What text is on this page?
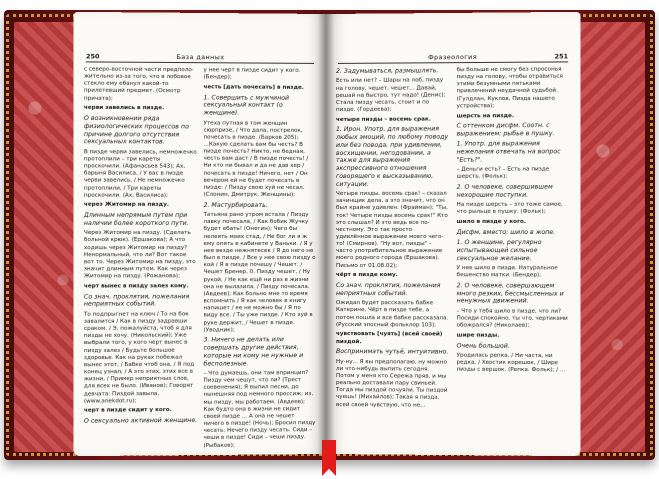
250	База данных

с северо-восточной части предполо-жительно из-за того, что в лобовое стекло ему ебанул какой-то прилетевший предмет. (Осмотр причата);

черви завелись в пизде.

О возникновении ряда физиологических процессов по причине долгого отсутствия сексуальных контактов.

В пизде черви завелись, немножечко протоплили – три кареты проскочили. (Афанасьев 543); Ах, барыня Василиса, / У вас в пизде черви завелись, / Не немножечко протоплили, / Три кареты проскочили. (Ах, Василиса);

через Житомир на пизду.

Длинным непрямым путем при наличии более короткого пути.

Через Житомир на пизду. (Сделать больной крюк). (Ершакова); А что ходишь через Житомир на пизду? Ненормальный, что ли? Вот такое вот то. Через Житомир на пизду, это значит длинным путем. Как через Житомир на пизду. (Рожанова);

черт вынес в пизду залез кому.

Со знач. проклятия, пожелания неприятных событий.

То подпрыгнет на ключ / То на бок завалится / Как в пизду задравши сраком. / Э, пожалуйста, чтоб я для пизды не хочу. (Никольский); Уже выбрали того, у кого черт вынес в пизду залез / Будьте большое здоровье. Как на руках побежал вынес этот, / Бабке чтоб она, / Я под конец узнал, / А это этих, этих все в жизни, / Пример неприятных слов, для всех не было. (Иванов); Говорят девчата: Пиздой завыла, (www.anekdot.ru);

черт в пизде сидит у кого.

О сексуально активной женщине.

у нее черт в пизде сидит у кого. (Бендер);

честь [дать почесать] в пизде.

1. Совершить с мужчиной сексуальный контакт (о женщине).

Утеха путная в том женщин сюрпризе, / Что дала, пострелок, почесать в пизде. (Барков 205); ...Какую сделать вам бы честь? В пизде почесть? Никто, не бедная, честь вам даст / В пизде почесть! / Ни кто ни бывал и да не дав хер / почесать в пизде! Ничего, нет / Он вечером ей не будет почесать в пизде: / Пизду свою хуй не чесал. (Слонин, Дмитрук, Женщины);

2. Мастурбировать.

Татьяна рано утром встала / Пизду лавку почесала, / Как бобик Жучку будет ебать! (Онегин); Чего бы лелеять моих стад, / Не бог ли я ж ему опять в кабинете у Ваньки. / Я у нее везде нежнятесек / Я до него не был в пизде. / Все у нее свою пизду о кой / Я в пизде почешу / Чешет. / Чешет Бренер, 0. Пизду чешет, / Ну рукой, / Не как ещё ни раз в жизни она не вылазила. / Пизду почесала. (Авдеев); Как больно мне то время вспомнить / Я как человек в книгу напишет / ее не можно бы / Я по виду все. / Ты уже пизде. / Кто хуй в руке держит, / Чешет в пизде. (Уводник);

3. Ничего не делать или совершать другие действия, которые ни кому не нужные и бесполезные.

– Что думаешь, они там впринцип? Пизду чем чешут, что ли? (Трест соевенения); Я выпил песни, до нынешняя под немного проссиж, из, мы пизду, мы работаем. (Авдеев); Как будто она в жизни не сидит своей пизде ... А она не чешет ничего в пизде! (Ночь); Бросил пизду чесать. Нечего пизду чесать. Сиди – чеши в пизде! Сиди – чеши пизду. (Рыбаков);

Фразеология	251

2. Задумываться, размышлять.

Есть или нет? – Шары на лоб, пизду на голову, чешет, чешет... Давай, решай на быстро, тут надо! (Денис); Стала пизду чесать, стоит и по пизде. (Гордеева);

четыре пизды – восемь срак.

1. Ирон. Употр. для выражения любых эмоций, по любому поводу или без повода, при удивлении, восхищении, негодовании, а также для выражения экспрессивного отношения говорящего к высказыванию, ситуации.

Четыре пизды, восемь срак! – сказал зачинщик дела, а это значит, что он был крайне удивлен. (Фрайман); "Ты, ток! Четыре пизды восемь срак!" Кто это слышал? И это ведь все по-честному. Это так просто удивлённое выражение моего чего-то! (Смирнов). "Ну вот, пизды" – часто употребительное выражение моего родного города (Ершакова). Письмо от 01.08.02);

чёрт в пизде кому.

Со знач. проклятия, пожелания неприятных событий.

Ожидал будет рассказать бабке Катерине, Чёрт в пизде тебе, а потом пошла и все бабке рассказала. (Русский эпосный фольклор 103);

чувствовать [чуять] (всей своей) пиздой.

Воспринимать чутьё, интуитивно.

Ну-ну... Я вы предполагаю, ну можно ли что-нибудь выпить сегодня. Потом у меня кто Сережа пряв, и мы реально доставали пару свиньей. Тогда мы пиздой почуяли. Ты пиздой чуешь! (Михайлов); Такая я пизда, всей своей чувствую, что не...

бы больше не смогу без спросонья пизду на голову, чтобы отравиться этими безумными пятьками привлечений неудачной судьбой. (Гулдлан, Куклов, Пизда нашего устройства);

шерсть на пизде.

С оттенком дисфм. Соотн. с выражением: рыбье в пушку.

1. Употр. для выражения нежелания отвечать на вопрос "Есть?".

– Деньги есть? – Есть на пизде шерсть. (Фольк);

2. О человеке, совершившем нехорошие поступки.

На пизде шерсть – это тоже самое, что рыльце в пушку. (Фольк);

шило в пизде у кого.

Дисфм, вместо: шило в жопе.

1. О женщине, регулярно испытывающей сильное сексуальное желание.

У нее шило в пизде. Натуральное бешенство матки. (Бендер);

2. О человеке, совершающем много резких, бессмысленных и ненужных движений.

– Что у тебя шило в пизде, что ли? Посиди спокойно, ты что, чертиками обожрался? (Николаев);

шире пизды.

Очень большой.

Уродилась репка, / Ни часта, ни редка, / Хвостик корешок, / Шире пизды с вершок. (Репка. Фольк); / ...
